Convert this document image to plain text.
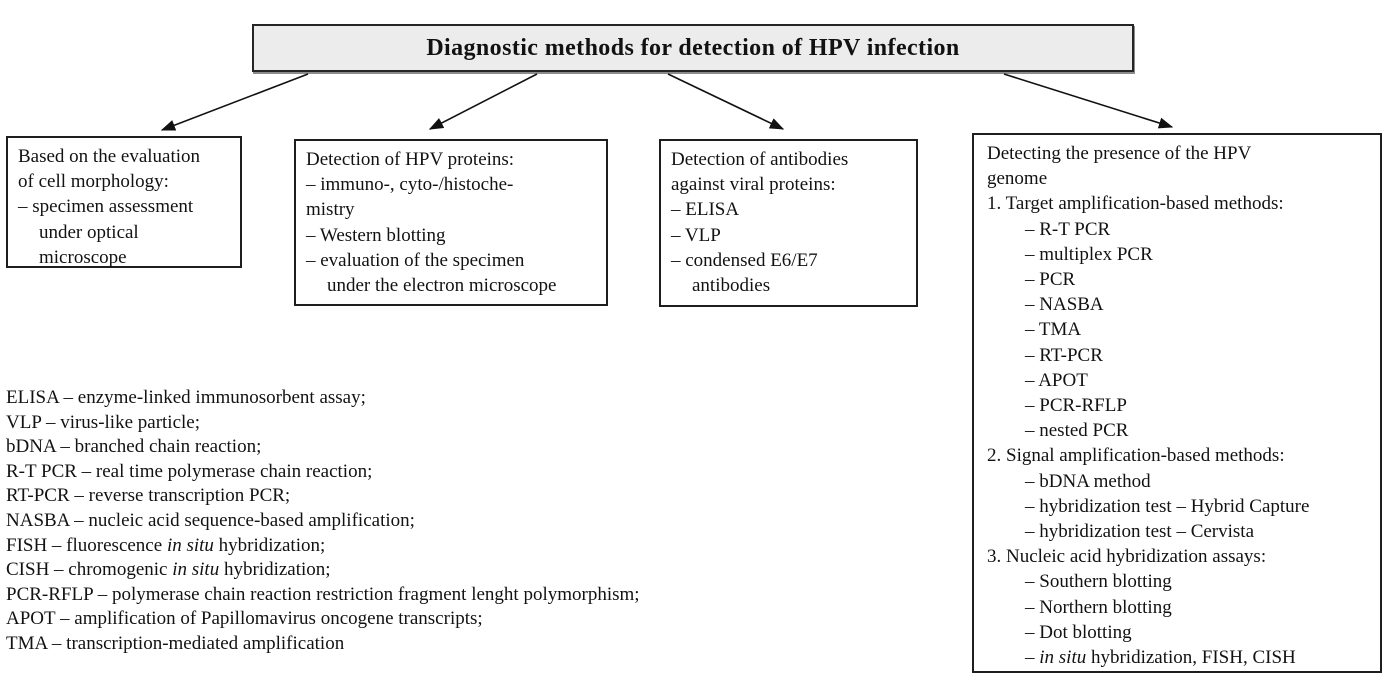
Diagnostic methods for detection of HPV infection
Based on the evaluation
of cell morphology:
– specimen assessment
under optical
microscope
Detection of HPV proteins:
– immuno-, cyto-/histoche-
mistry
– Western blotting
– evaluation of the specimen
under the electron microscope
Detection of antibodies
against viral proteins:
– ELISA
– VLP
– condensed E6/E7
antibodies
Detecting the presence of the HPV
genome
1. Target amplification-based methods:
– R-T PCR
– multiplex PCR
– PCR
– NASBA
– TMA
– RT-PCR
– APOT
– PCR-RFLP
– nested PCR
2. Signal amplification-based methods:
– bDNA method
– hybridization test – Hybrid Capture
– hybridization test – Cervista
3. Nucleic acid hybridization assays:
– Southern blotting
– Northern blotting
– Dot blotting
– in situ hybridization, FISH, CISH
ELISA – enzyme-linked immunosorbent assay;
VLP – virus-like particle;
bDNA – branched chain reaction;
R-T PCR – real time polymerase chain reaction;
RT-PCR – reverse transcription PCR;
NASBA – nucleic acid sequence-based amplification;
FISH – fluorescence in situ hybridization;
CISH – chromogenic in situ hybridization;
PCR-RFLP – polymerase chain reaction restriction fragment lenght polymorphism;
APOT – amplification of Papillomavirus oncogene transcripts;
TMA – transcription-mediated amplification
